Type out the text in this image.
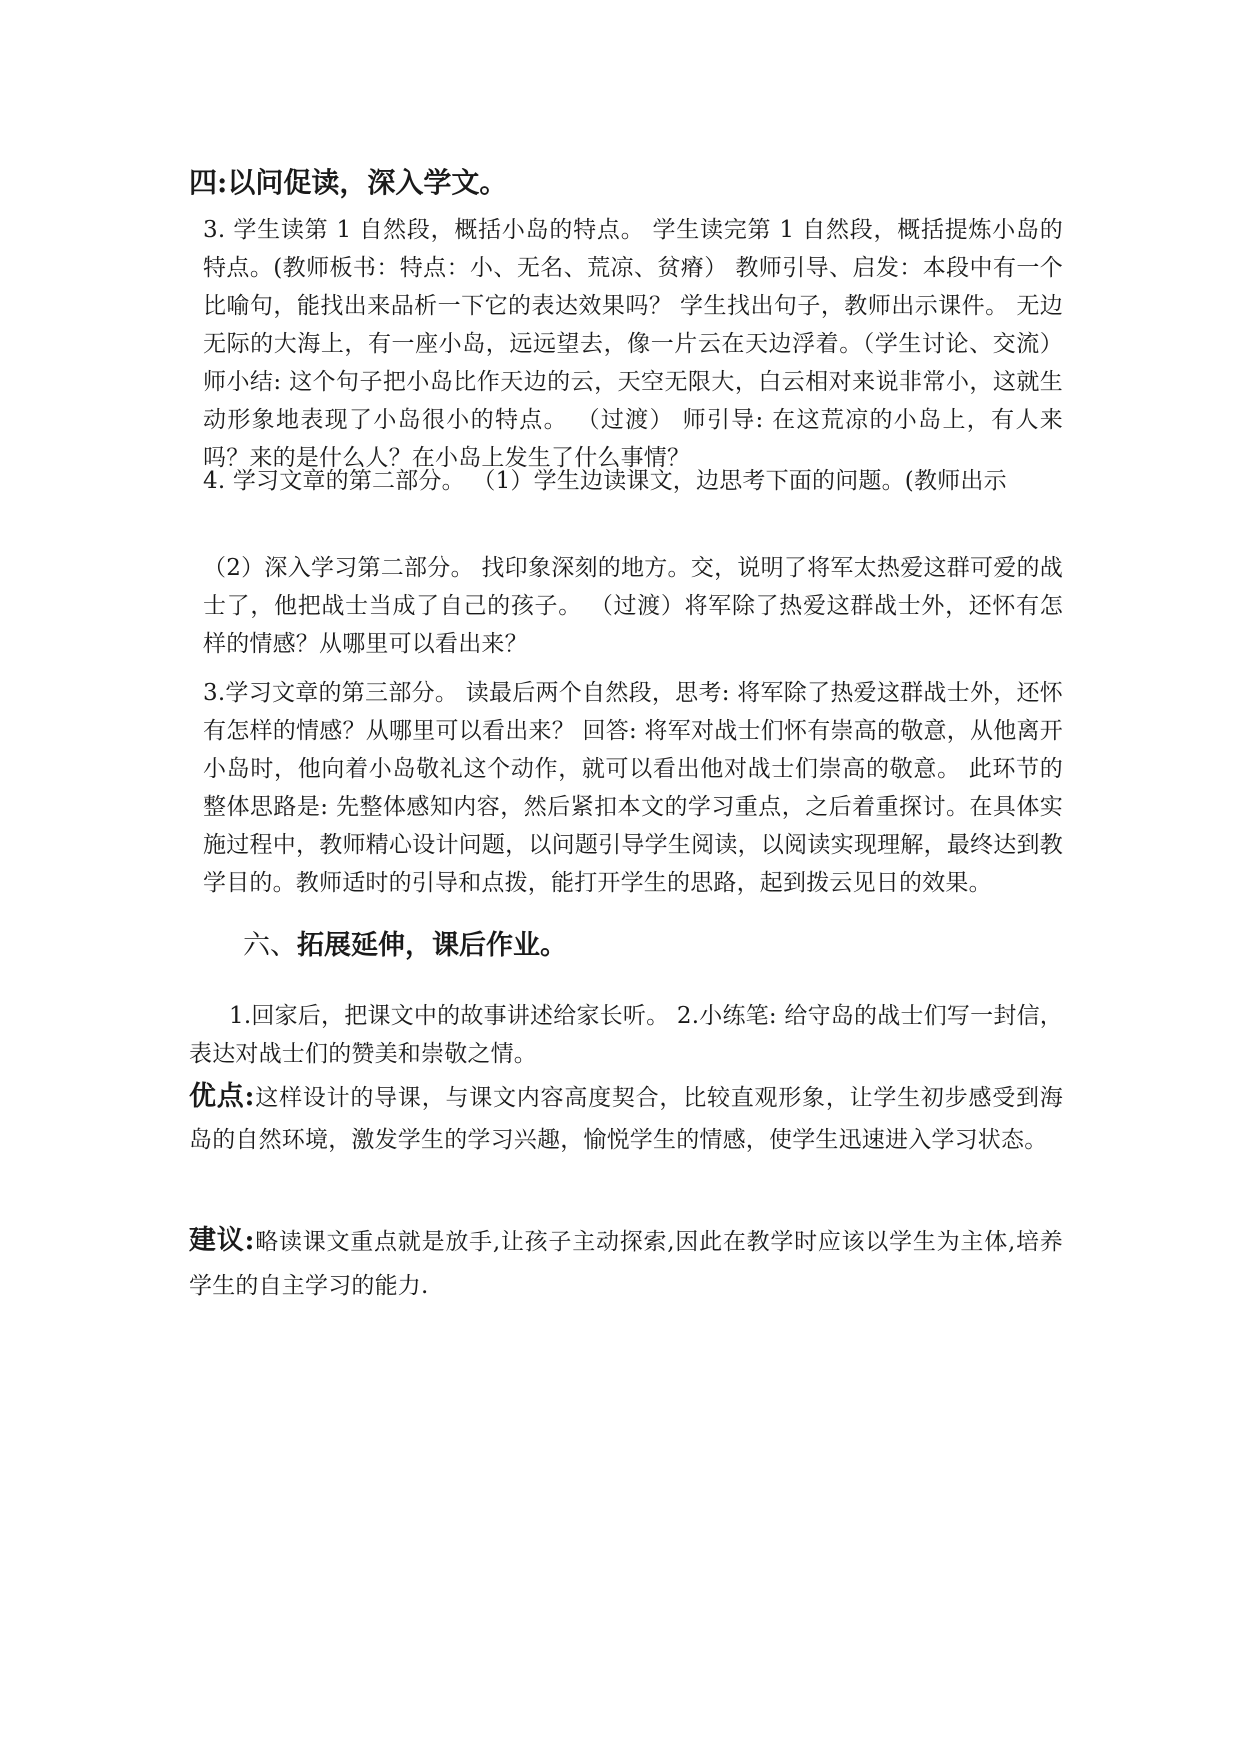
四:以问促读，深入学文。

3. 学生读第 1 自然段，概括小岛的特点。 学生读完第 1 自然段，概括提炼小岛的特点。(教师板书：特点：小、无名、荒凉、贫瘠） 教师引导、启发：本段中有一个比喻句，能找出来品析一下它的表达效果吗？ 学生找出句子，教师出示课件。 无边无际的大海上，有一座小岛，远远望去，像一片云在天边浮着。（学生讨论、交流） 师小结: 这个句子把小岛比作天边的云，天空无限大，白云相对来说非常小，这就生动形象地表现了小岛很小的特点。 （过渡） 师引导: 在这荒凉的小岛上，有人来吗？来的是什么人？在小岛上发生了什么事情？

4. 学习文章的第二部分。 （1）学生边读课文，边思考下面的问题。(教师出示

（2）深入学习第二部分。 找印象深刻的地方。交，说明了将军太热爱这群可爱的战士了，他把战士当成了自己的孩子。 （过渡）将军除了热爱这群战士外，还怀有怎样的情感？从哪里可以看出来？

3.学习文章的第三部分。 读最后两个自然段，思考: 将军除了热爱这群战士外，还怀有怎样的情感？从哪里可以看出来？ 回答: 将军对战士们怀有崇高的敬意，从他离开小岛时，他向着小岛敬礼这个动作，就可以看出他对战士们崇高的敬意。 此环节的整体思路是: 先整体感知内容，然后紧扣本文的学习重点，之后着重探讨。在具体实施过程中，教师精心设计问题，以问题引导学生阅读，以阅读实现理解，最终达到教学目的。教师适时的引导和点拨，能打开学生的思路，起到拨云见日的效果。

六、拓展延伸，课后作业。

1.回家后，把课文中的故事讲述给家长听。 2.小练笔: 给守岛的战士们写一封信，表达对战士们的赞美和崇敬之情。

优点:这样设计的导课，与课文内容高度契合，比较直观形象，让学生初步感受到海岛的自然环境，激发学生的学习兴趣，愉悦学生的情感，使学生迅速进入学习状态。

建议:略读课文重点就是放手,让孩子主动探索,因此在教学时应该以学生为主体,培养学生的自主学习的能力.
